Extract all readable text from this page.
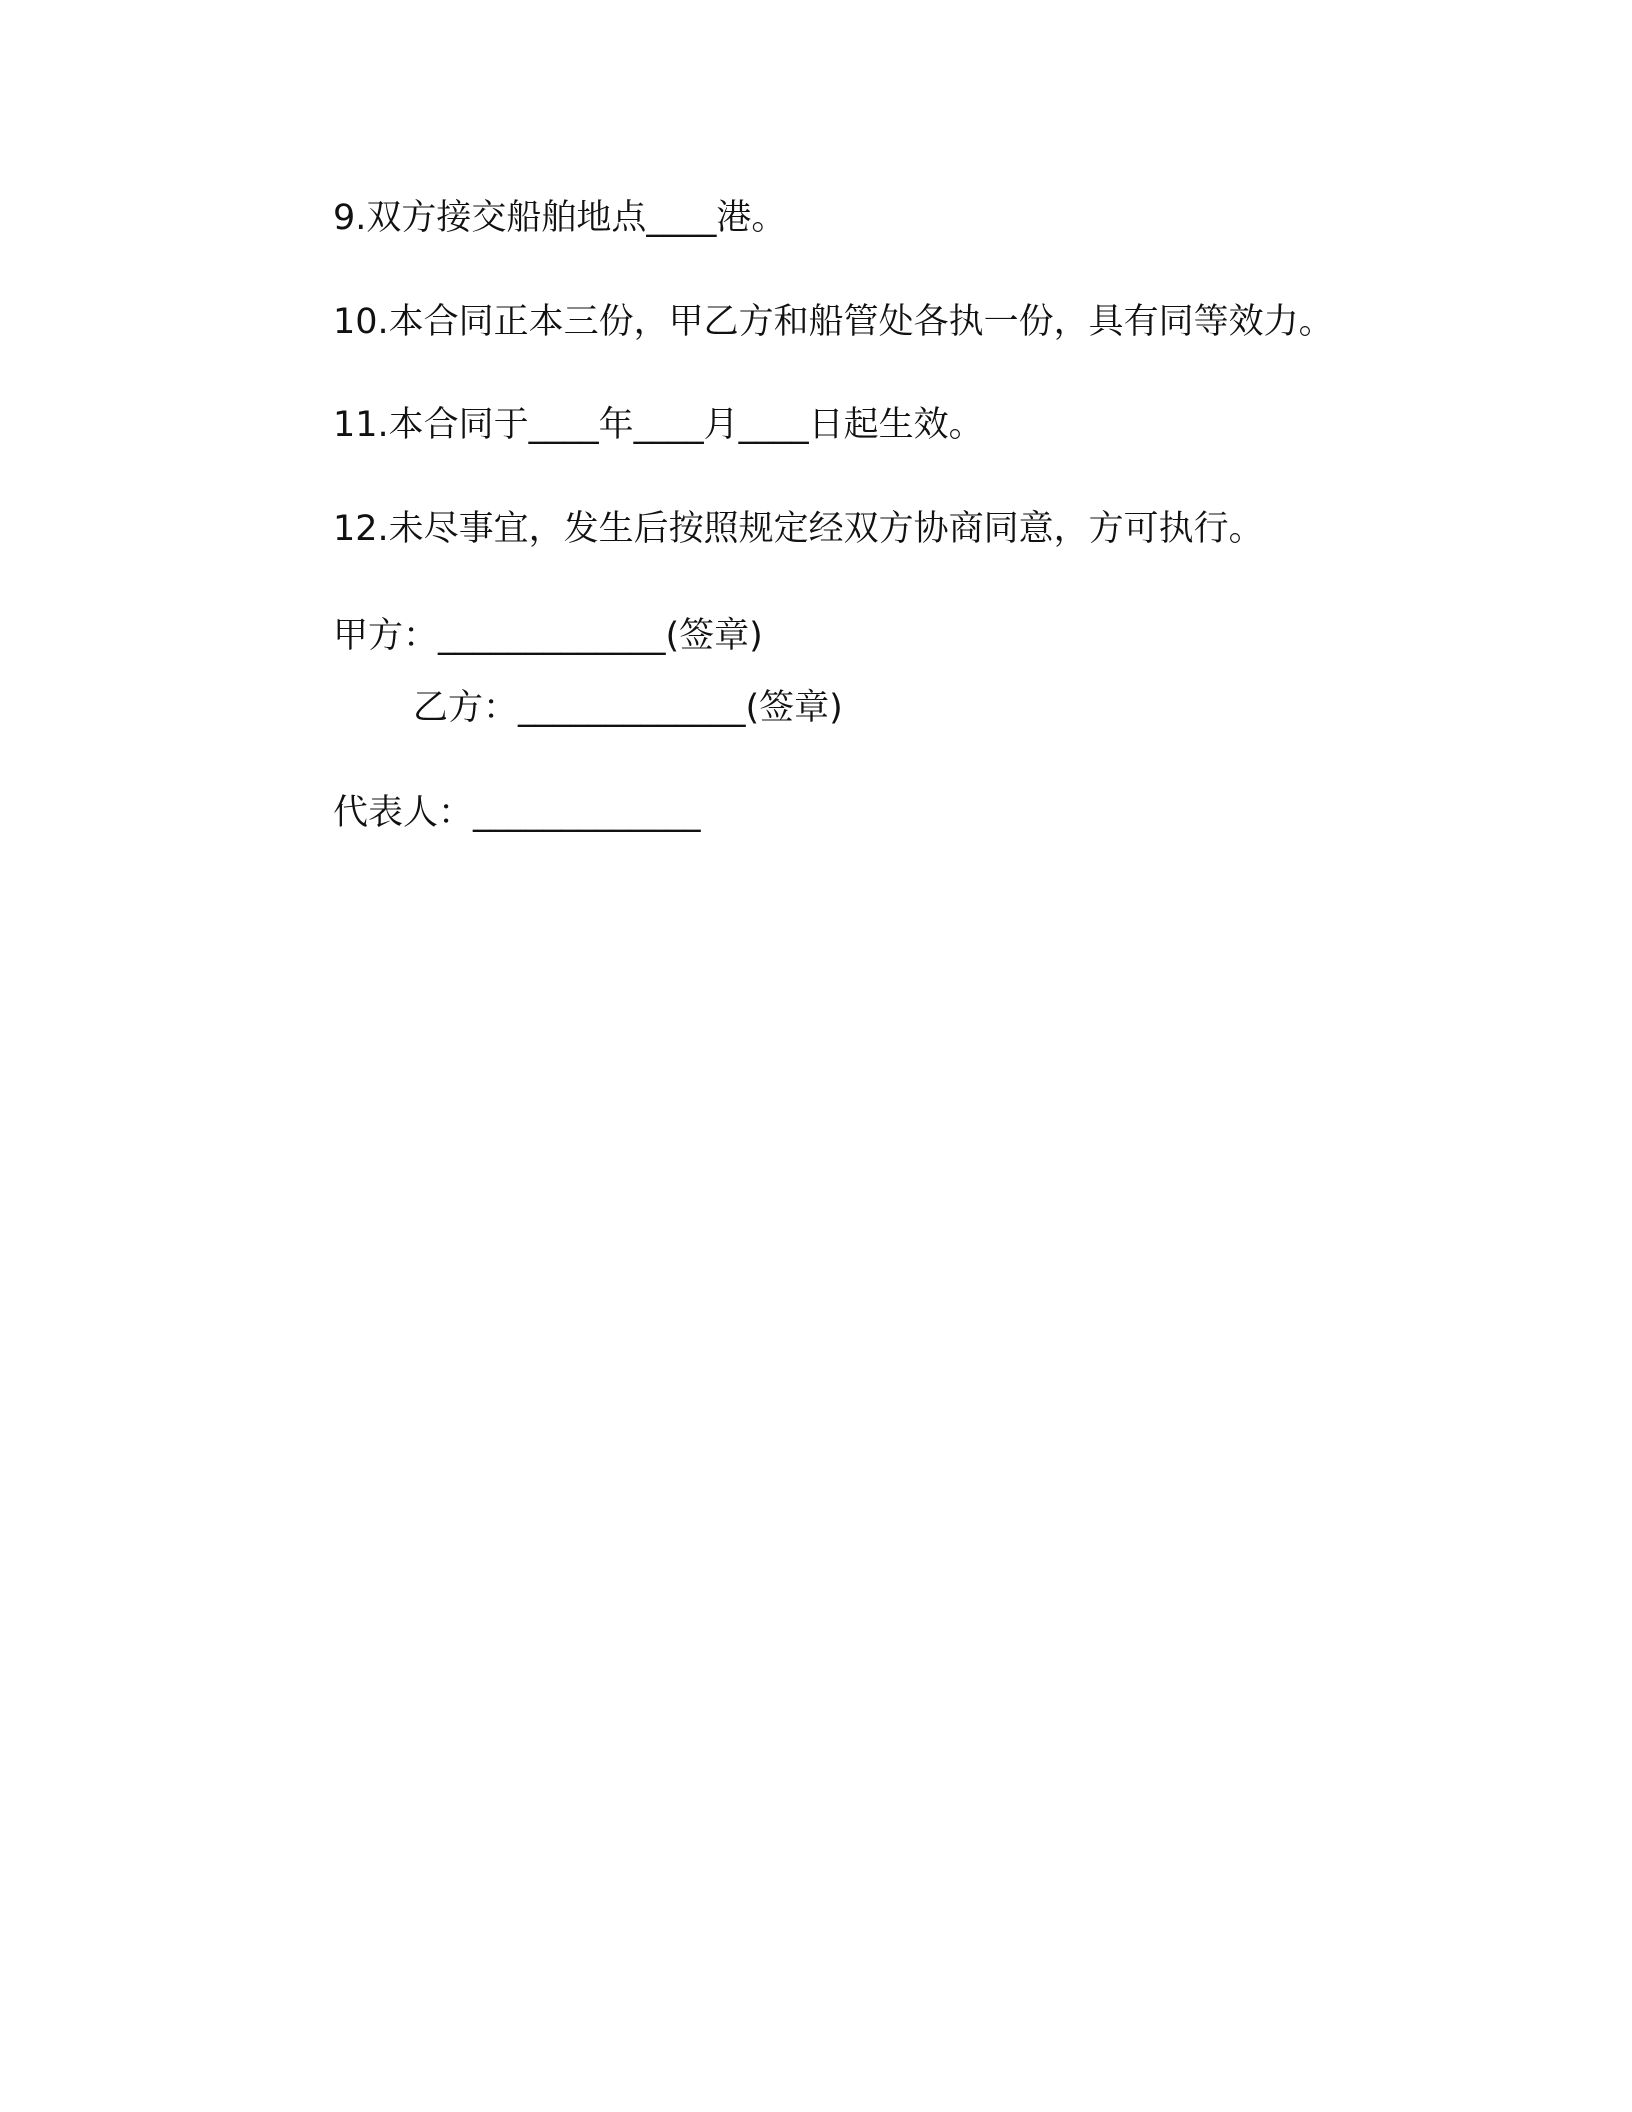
9.双方接交船舶地点____港。
10.本合同正本三份，甲乙方和船管处各执一份，具有同等效力。
11.本合同于____年____月____日起生效。
12.未尽事宜，发生后按照规定经双方协商同意，方可执行。
甲方：_____________(签章)
乙方：_____________(签章)
代表人：_____________
